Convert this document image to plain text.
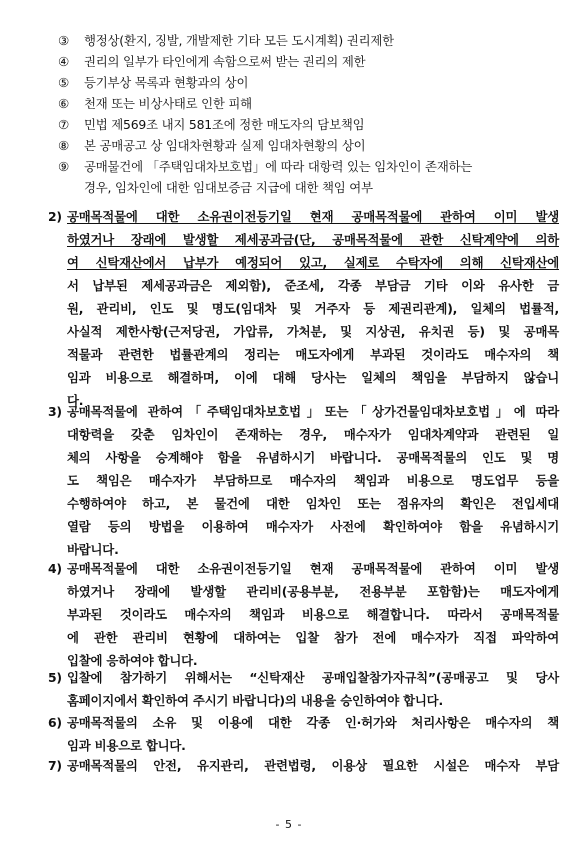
③ 행정상(환지, 징발, 개발제한 기타 모든 도시계획) 권리제한
④ 권리의 일부가 타인에게 속함으로써 받는 권리의 제한
⑤ 등기부상 목록과 현황과의 상이
⑥ 천재 또는 비상사태로 인한 피해
⑦ 민법 제569조 내지 581조에 정한 매도자의 담보책임
⑧ 본 공매공고 상 임대차현황과 실제 임대차현황의 상이
⑨ 공매물건에 「주택임대차보호법」에 따라 대항력 있는 임차인이 존재하는
경우, 임차인에 대한 임대보증금 지급에 대한 책임 여부
2) 공매목적물에 대한 소유권이전등기일 현재 공매목적물에 관하여 이미 발생
하였거나 장래에 발생할 제세공과금(단, 공매목적물에 관한 신탁계약에 의하
여 신탁재산에서 납부가 예정되어 있고, 실제로 수탁자에 의해 신탁재산에
서 납부된 제세공과금은 제외함), 준조세, 각종 부담금 기타 이와 유사한 금
원, 관리비, 인도 및 명도(임대차 및 거주자 등 제권리관계), 일체의 법률적,
사실적 제한사항(근저당권, 가압류, 가처분, 및 지상권, 유치권 등) 및 공매목
적물과 관련한 법률관계의 정리는 매도자에게 부과된 것이라도 매수자의 책
임과 비용으로 해결하며, 이에 대해 당사는 일체의 책임을 부담하지 않습니
다.
3) 공매목적물에 관하여「주택임대차보호법」또는「상가건물임대차보호법」에 따라
대항력을 갖춘 임차인이 존재하는 경우, 매수자가 임대차계약과 관련된 일
체의 사항을 승계해야 함을 유념하시기 바랍니다. 공매목적물의 인도 및 명
도 책임은 매수자가 부담하므로 매수자의 책임과 비용으로 명도업무 등을
수행하여야 하고, 본 물건에 대한 임차인 또는 점유자의 확인은 전입세대
열람 등의 방법을 이용하여 매수자가 사전에 확인하여야 함을 유념하시기
바랍니다.
4) 공매목적물에 대한 소유권이전등기일 현재 공매목적물에 관하여 이미 발생
하였거나 장래에 발생할 관리비(공용부분, 전용부분 포함함)는 매도자에게
부과된 것이라도 매수자의 책임과 비용으로 해결합니다. 따라서 공매목적물
에 관한 관리비 현황에 대하여는 입찰 참가 전에 매수자가 직접 파악하여
입찰에 응하여야 합니다.
5) 입찰에 참가하기 위해서는 “신탁재산 공매입찰참가자규칙”(공매공고 및 당사
홈페이지에서 확인하여 주시기 바랍니다)의 내용을 승인하여야 합니다.
6) 공매목적물의 소유 및 이용에 대한 각종 인·허가와 처리사항은 매수자의 책
임과 비용으로 합니다.
7) 공매목적물의 안전, 유지관리, 관련법령, 이용상 필요한 시설은 매수자 부담
- 5 -
